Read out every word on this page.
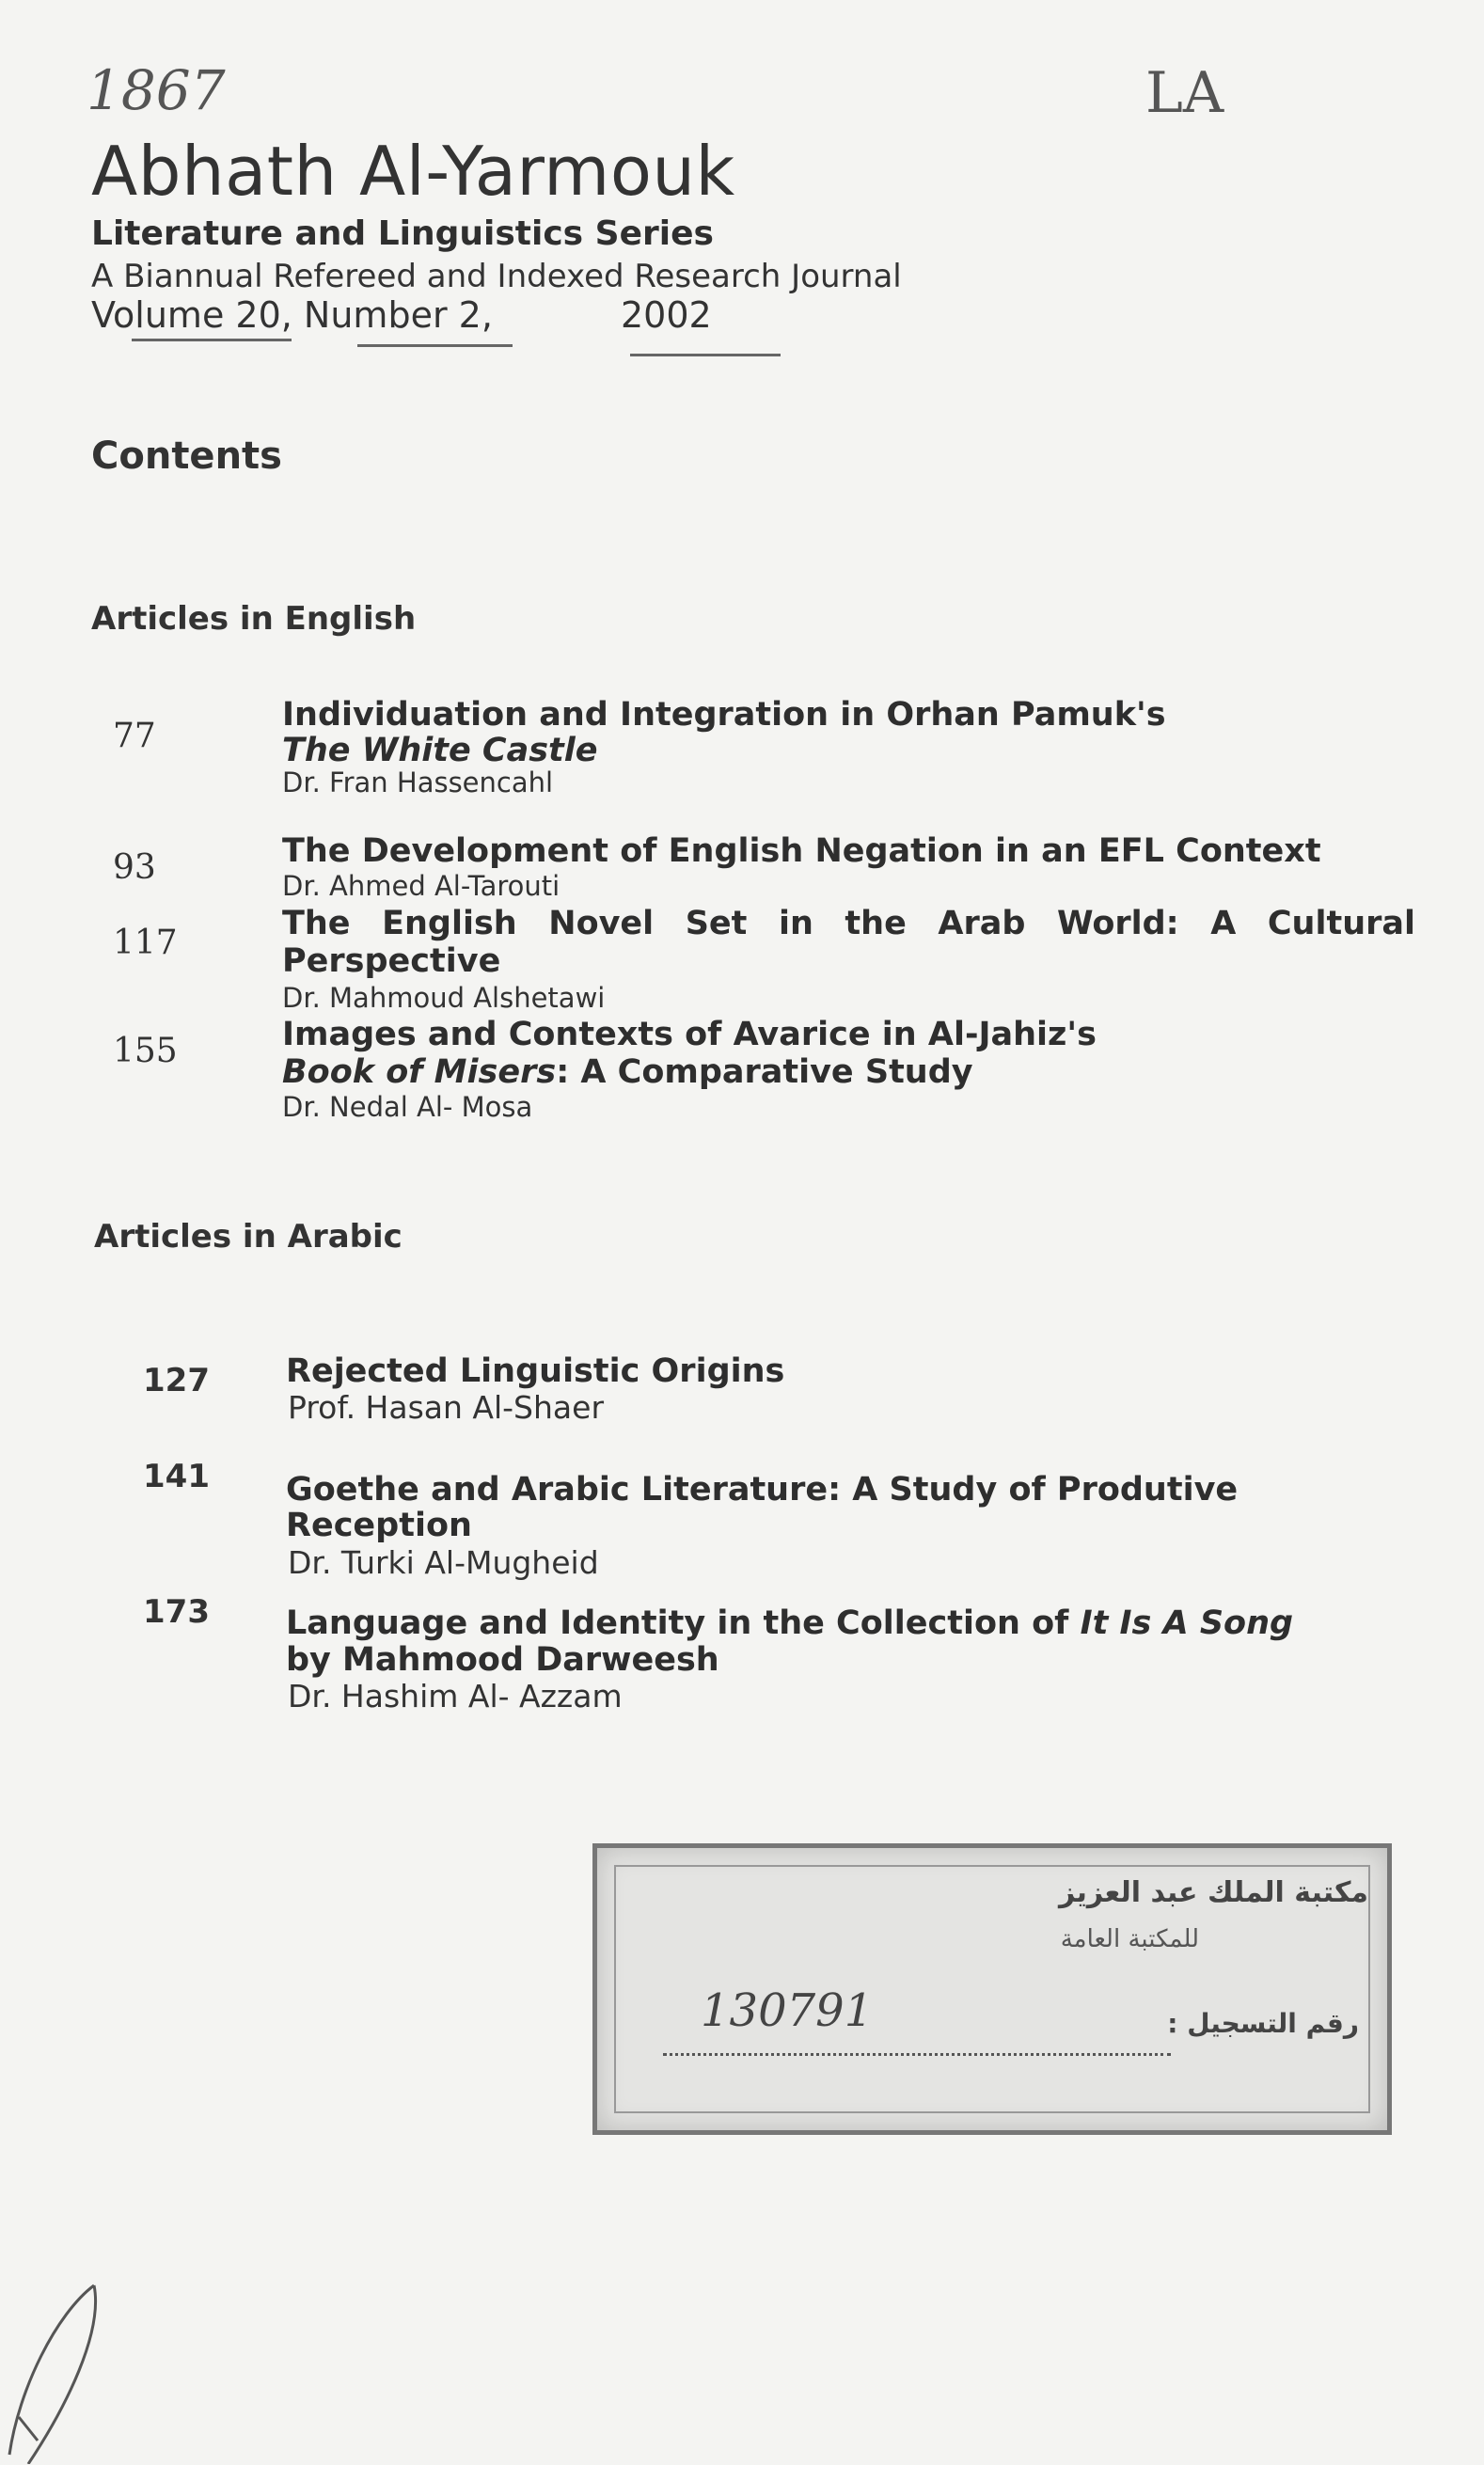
1867	LA
Abhath Al-Yarmouk
Literature and Linguistics Series
A Biannual Refereed and Indexed Research Journal
Volume 20, Number 2,	2002
Contents
Articles in English
77
Individuation and Integration in Orhan Pamuk's
The White Castle
Dr. Fran Hassencahl
93	The Development of English Negation in an EFL Context
Dr. Ahmed Al-Tarouti
117	The English Novel Set in the Arab World: A Cultural
Perspective
Dr. Mahmoud Alshetawi
155	Images and Contexts of Avarice in Al-Jahiz's
Book of Misers: A Comparative Study
Dr. Nedal Al- Mosa
Articles in Arabic
127 Rejected Linguistic Origins
Prof. Hasan Al-Shaer
141 Goethe and Arabic Literature: A Study of Produtive
Reception
Dr. Turki Al-Mugheid
173 Language and Identity in the Collection of It Is A Song
by Mahmood Darweesh
Dr. Hashim Al- Azzam
مكتبة الملك عبد العزيز
للمكتبة العامة
رقم التسجيل :
130791
